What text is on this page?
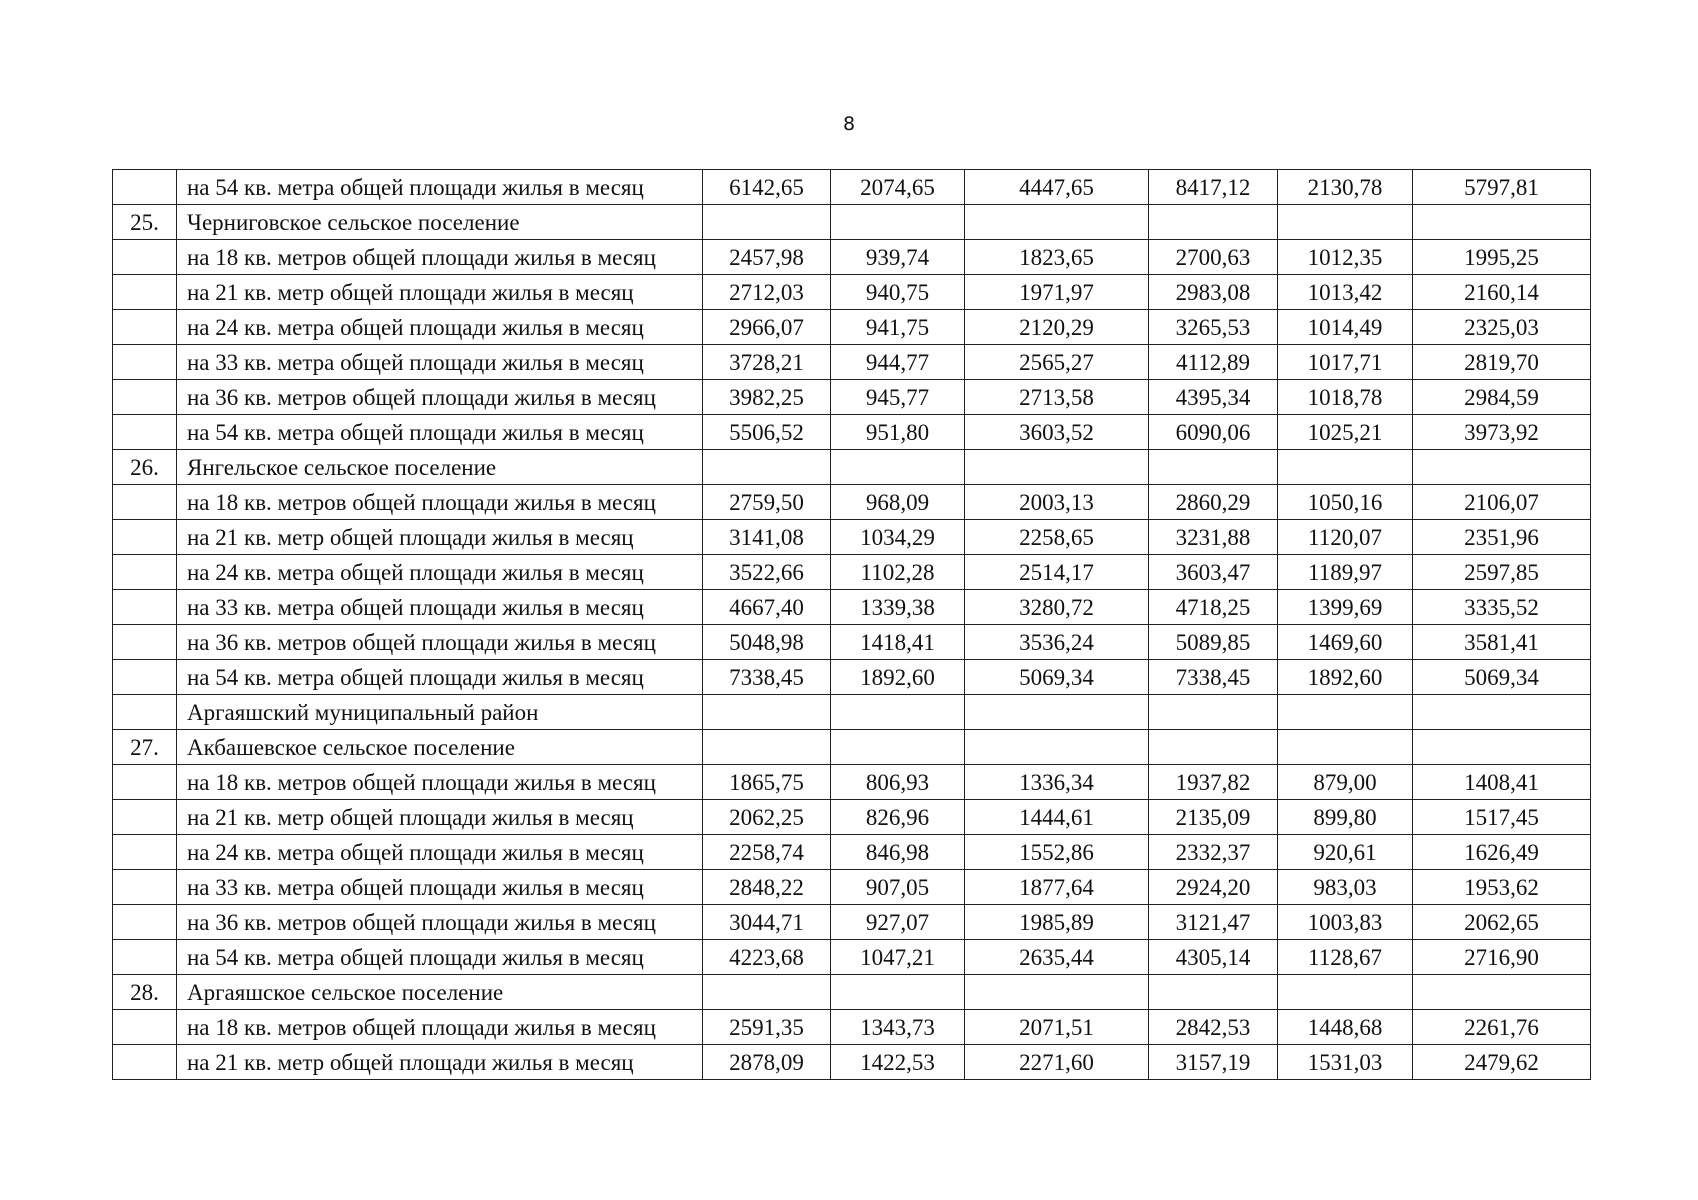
8
	на 54 кв. метра общей площади жилья в месяц	6142,65	2074,65	4447,65	8417,12	2130,78	5797,81
25.	Черниговское сельское поселение						
	на 18 кв. метров общей площади жилья в месяц	2457,98	939,74	1823,65	2700,63	1012,35	1995,25
	на 21 кв. метр общей площади жилья в месяц	2712,03	940,75	1971,97	2983,08	1013,42	2160,14
	на 24 кв. метра общей площади жилья в месяц	2966,07	941,75	2120,29	3265,53	1014,49	2325,03
	на 33 кв. метра общей площади жилья в месяц	3728,21	944,77	2565,27	4112,89	1017,71	2819,70
	на 36 кв. метров общей площади жилья в месяц	3982,25	945,77	2713,58	4395,34	1018,78	2984,59
	на 54 кв. метра общей площади жилья в месяц	5506,52	951,80	3603,52	6090,06	1025,21	3973,92
26.	Янгельское сельское поселение						
	на 18 кв. метров общей площади жилья в месяц	2759,50	968,09	2003,13	2860,29	1050,16	2106,07
	на 21 кв. метр общей площади жилья в месяц	3141,08	1034,29	2258,65	3231,88	1120,07	2351,96
	на 24 кв. метра общей площади жилья в месяц	3522,66	1102,28	2514,17	3603,47	1189,97	2597,85
	на 33 кв. метра общей площади жилья в месяц	4667,40	1339,38	3280,72	4718,25	1399,69	3335,52
	на 36 кв. метров общей площади жилья в месяц	5048,98	1418,41	3536,24	5089,85	1469,60	3581,41
	на 54 кв. метра общей площади жилья в месяц	7338,45	1892,60	5069,34	7338,45	1892,60	5069,34
	Аргаяшский муниципальный район						
27.	Акбашевское сельское поселение						
	на 18 кв. метров общей площади жилья в месяц	1865,75	806,93	1336,34	1937,82	879,00	1408,41
	на 21 кв. метр общей площади жилья в месяц	2062,25	826,96	1444,61	2135,09	899,80	1517,45
	на 24 кв. метра общей площади жилья в месяц	2258,74	846,98	1552,86	2332,37	920,61	1626,49
	на 33 кв. метра общей площади жилья в месяц	2848,22	907,05	1877,64	2924,20	983,03	1953,62
	на 36 кв. метров общей площади жилья в месяц	3044,71	927,07	1985,89	3121,47	1003,83	2062,65
	на 54 кв. метра общей площади жилья в месяц	4223,68	1047,21	2635,44	4305,14	1128,67	2716,90
28.	Аргаяшское сельское поселение						
	на 18 кв. метров общей площади жилья в месяц	2591,35	1343,73	2071,51	2842,53	1448,68	2261,76
	на 21 кв. метр общей площади жилья в месяц	2878,09	1422,53	2271,60	3157,19	1531,03	2479,62
